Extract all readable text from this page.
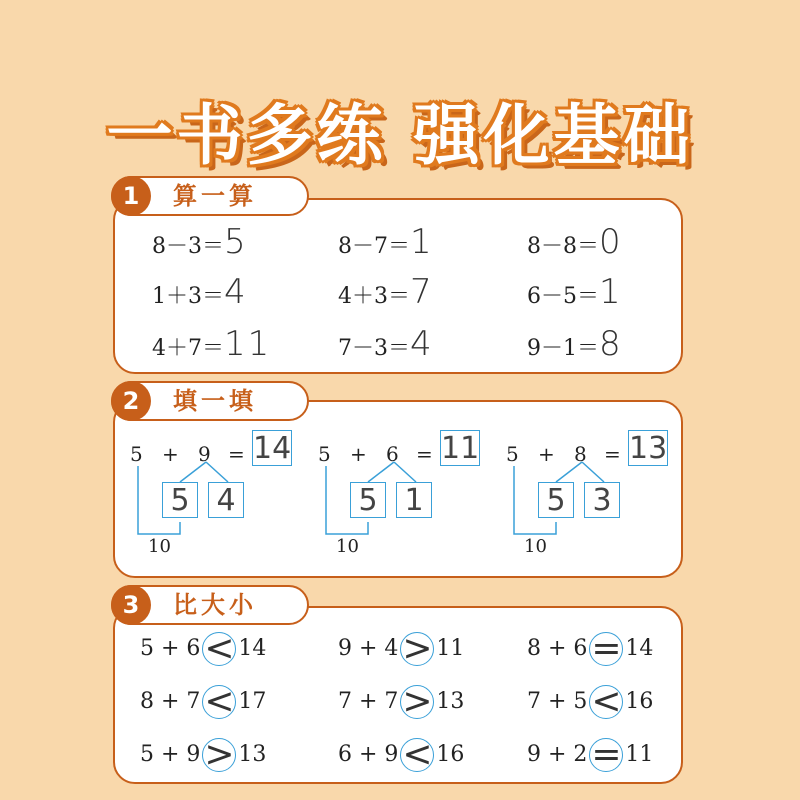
一书多练 强化基础
1	算一算
8－3＝5	8－7＝1	8－8＝0
1＋3＝4	4＋3＝7	6－5＝1
4＋7＝11	7－3＝4	9－1＝8
2	填一填
5 + 9 = 14
5 4
10
5 + 6 = 11
5 1
10
5 + 8 = 13
5 3
10
3	比大小
5 + 6 < 14	9 + 4 > 11	8 + 6 = 14
8 + 7 < 17	7 + 7 > 13	7 + 5 < 16
5 + 9 > 13	6 + 9 < 16	9 + 2 = 11
